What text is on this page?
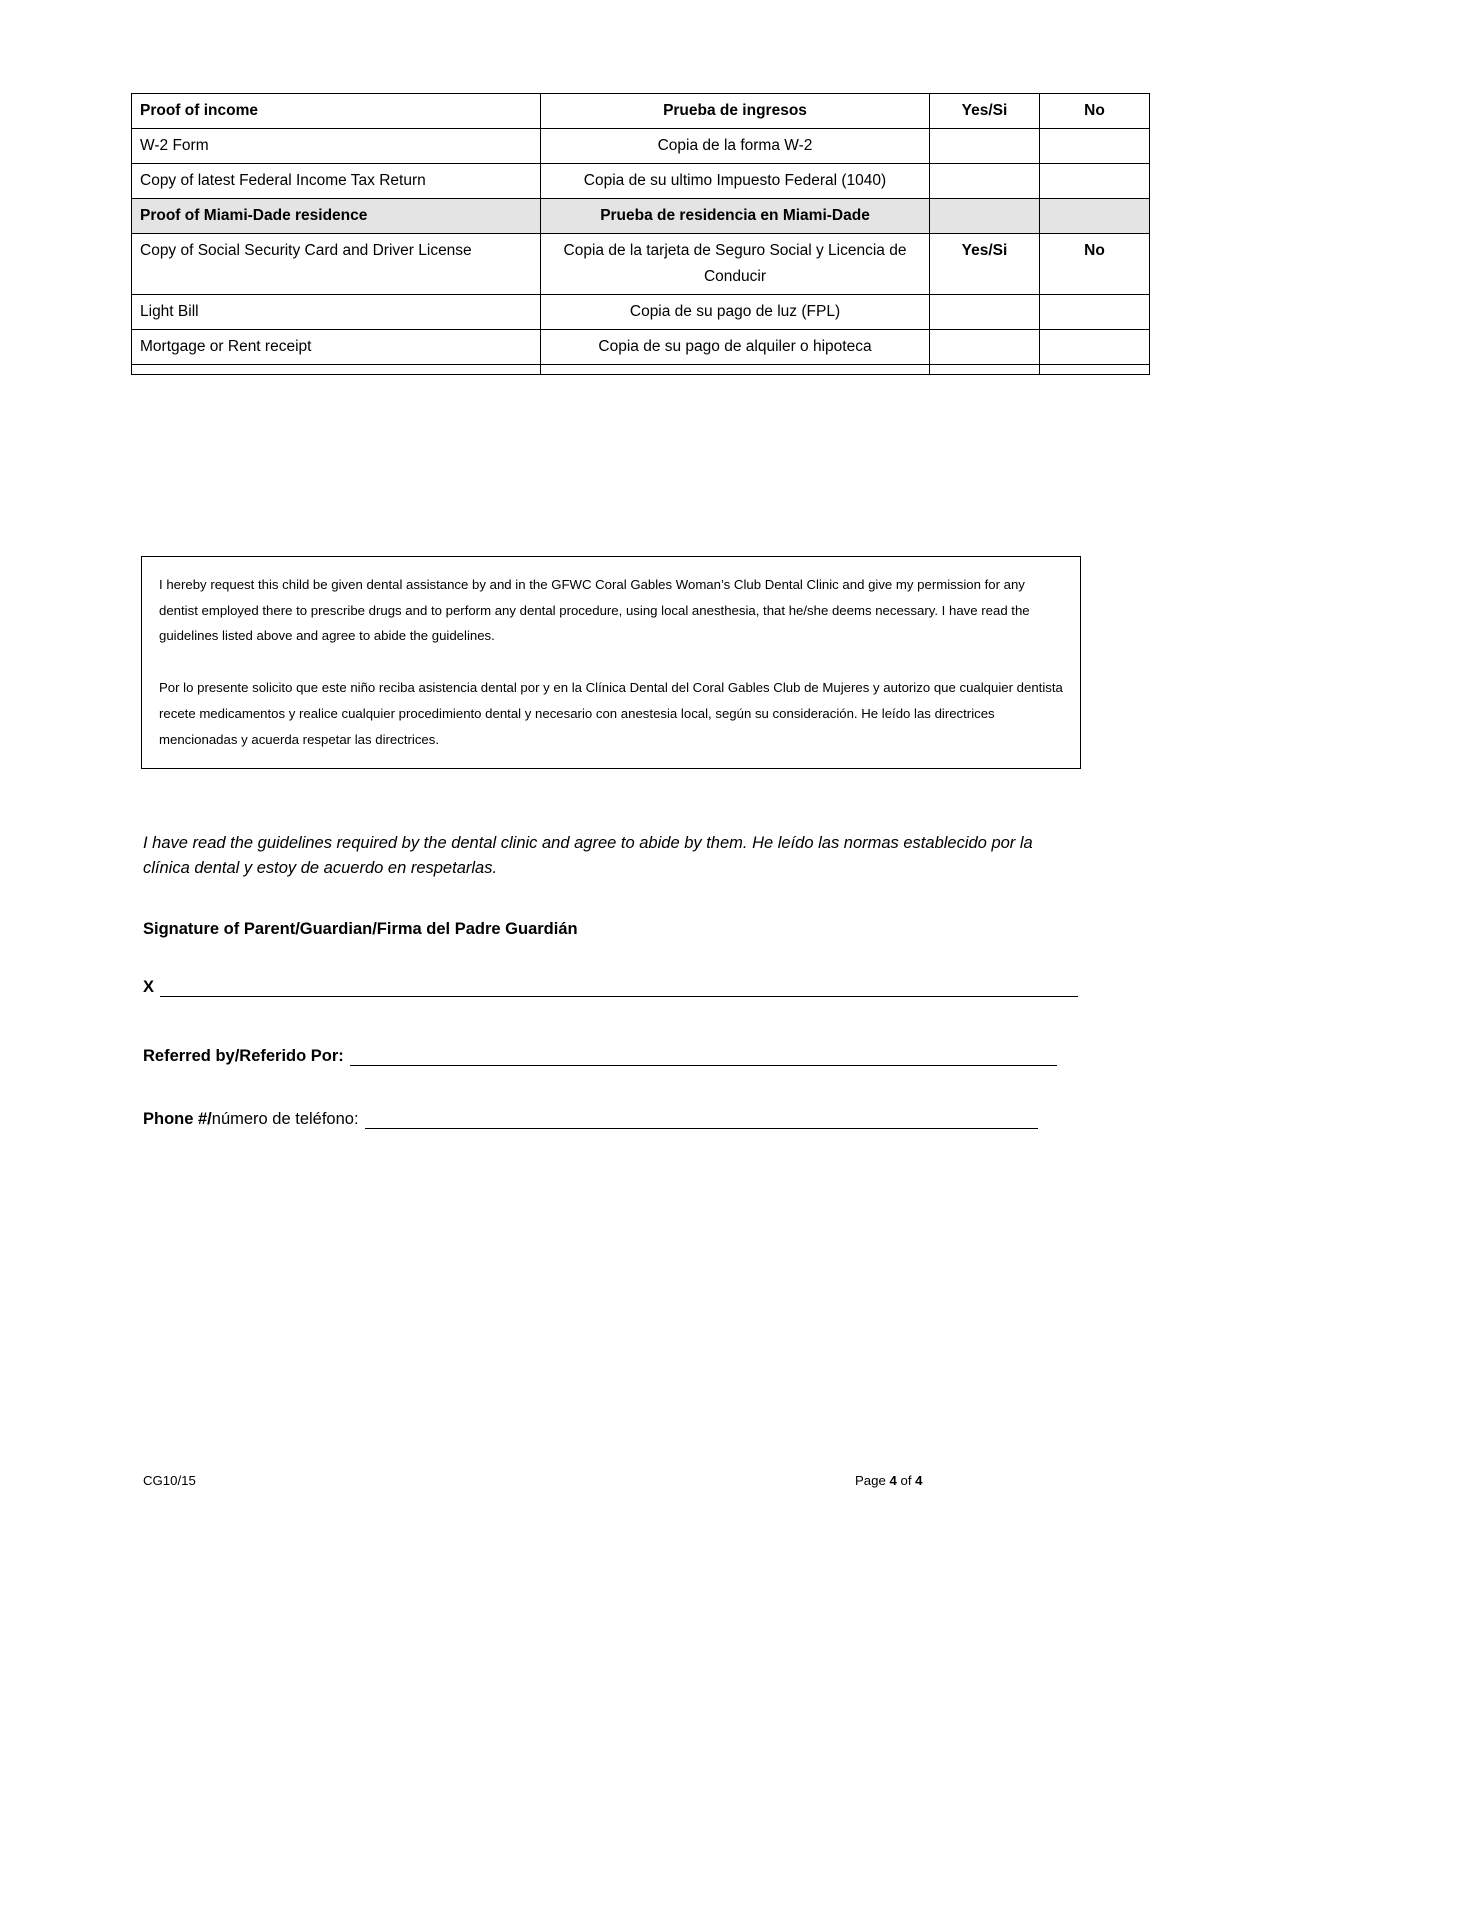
Proof of income	Prueba de ingresos	Yes/Si	No
W-2 Form	Copia de la forma W-2		
Copy of latest Federal Income Tax Return	Copia de su ultimo Impuesto Federal (1040)		
Proof of Miami-Dade residence	Prueba de residencia en Miami-Dade		
Copy of Social Security Card and Driver License	Copia de la tarjeta de Seguro Social y Licencia de Conducir	Yes/Si	No
Light Bill	Copia de su pago de luz (FPL)		
Mortgage or Rent receipt	Copia de su pago de alquiler o hipoteca		

I hereby request this child be given dental assistance by and in the GFWC Coral Gables Woman’s Club Dental Clinic and give my permission for any dentist employed there to prescribe drugs and to perform any dental procedure, using local anesthesia, that he/she deems necessary. I have read the guidelines listed above and agree to abide the guidelines.

Por lo presente solicito que este niño reciba asistencia dental por y en la Clínica Dental del Coral Gables Club de Mujeres y autorizo que cualquier dentista recete medicamentos y realice cualquier procedimiento dental y necesario con anestesia local, según su consideración. He leído las directrices mencionadas y acuerda respetar las directrices.

I have read the guidelines required by the dental clinic and agree to abide by them. He leído las normas establecido por la clínica dental y estoy de acuerdo en respetarlas.
Signature of Parent/Guardian/Firma del Padre Guardián
X
Referred by/Referido Por:
Phone #/ número de teléfono:
CG10/15	Page 4 of 4
